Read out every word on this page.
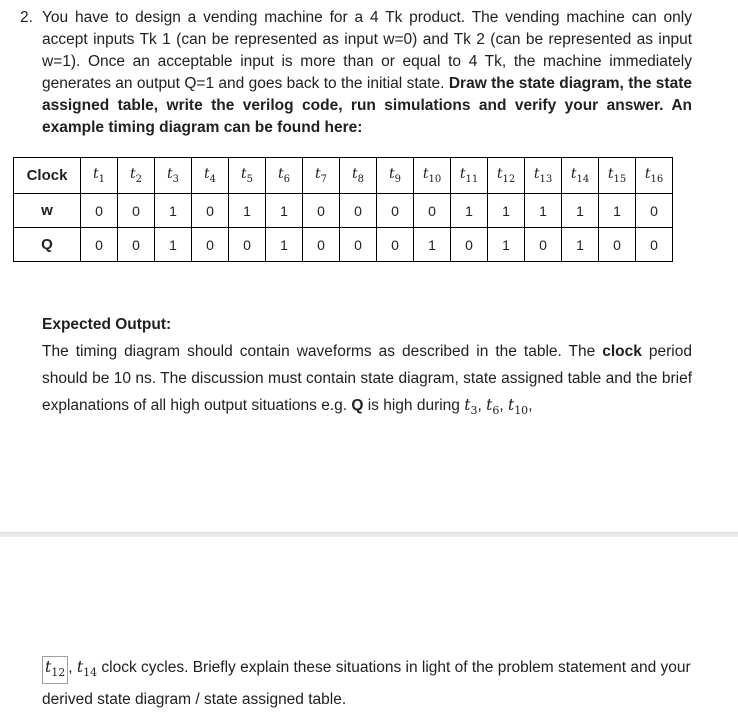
2. You have to design a vending machine for a 4 Tk product. The vending machine can only accept inputs Tk 1 (can be represented as input w=0) and Tk 2 (can be represented as input w=1). Once an acceptable input is more than or equal to 4 Tk, the machine immediately generates an output Q=1 and goes back to the initial state. Draw the state diagram, the state assigned table, write the verilog code, run simulations and verify your answer. An example timing diagram can be found here:
Clock	$t_1$	$t_2$	$t_3$	$t_4$	$t_5$	$t_6$	$t_7$	$t_8$	$t_9$	$t_{10}$	$t_{11}$	$t_{12}$	$t_{13}$	$t_{14}$	$t_{15}$	$t_{16}$
w	0	0	1	0	1	1	0	0	0	0	1	1	1	1	1	0
Q	0	0	1	0	0	1	0	0	0	1	0	1	0	1	0	0
Expected Output:
The timing diagram should contain waveforms as described in the table. The clock period should be 10 ns. The discussion must contain state diagram, state assigned table and the brief explanations of all high output situations e.g. Q is high during $t_3$, $t_6$, $t_{10}$,
$t_{12}$ , $t_{14}$ clock cycles. Briefly explain these situations in light of the problem statement and your derived state diagram / state assigned table.
